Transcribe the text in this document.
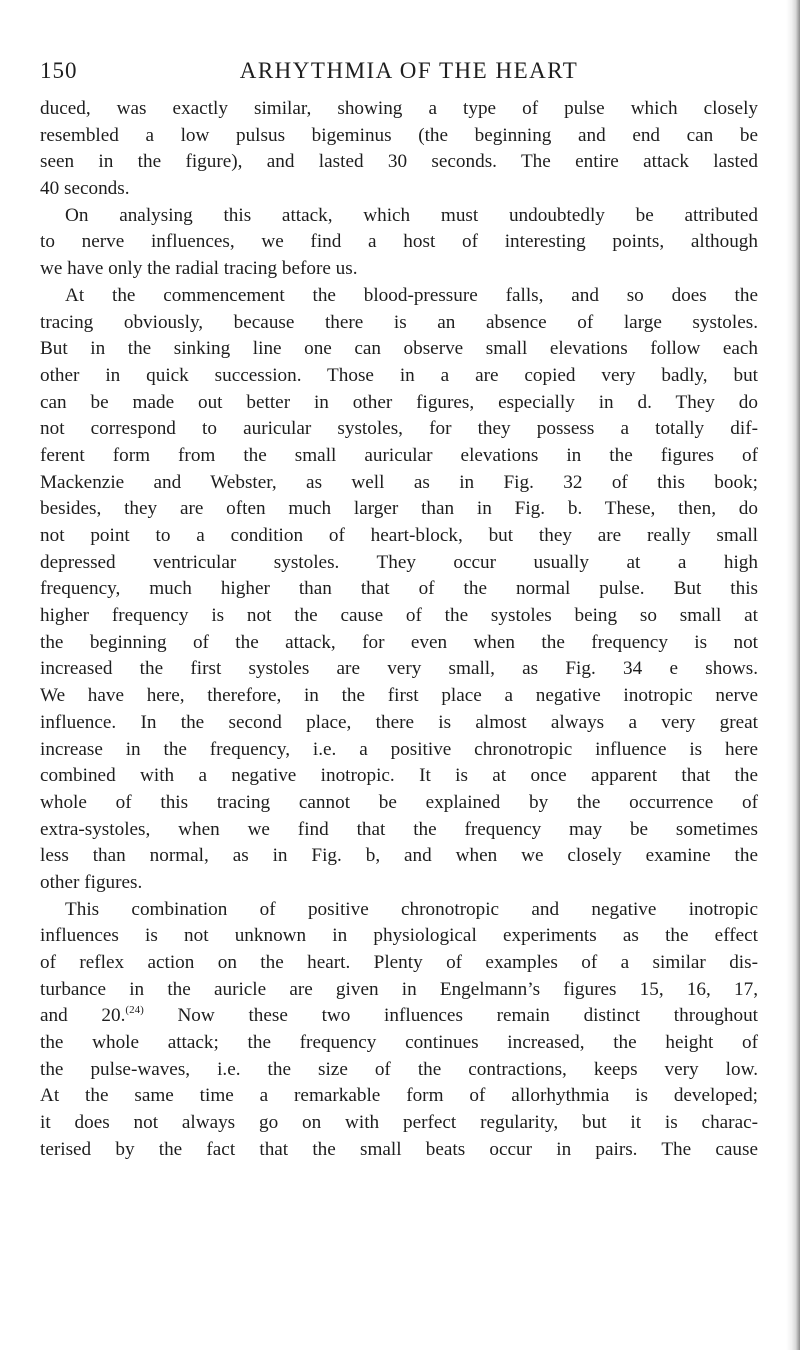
150	ARHYTHMIA OF THE HEART
duced, was exactly similar, showing a type of pulse which closely
resembled a low pulsus bigeminus (the beginning and end can be
seen in the figure), and lasted 30 seconds. The entire attack lasted
40 seconds.
On analysing this attack, which must undoubtedly be attributed
to nerve influences, we find a host of interesting points, although
we have only the radial tracing before us.
At the commencement the blood-pressure falls, and so does the
tracing obviously, because there is an absence of large systoles.
But in the sinking line one can observe small elevations follow each
other in quick succession. Those in a are copied very badly, but
can be made out better in other figures, especially in d. They do
not correspond to auricular systoles, for they possess a totally dif-
ferent form from the small auricular elevations in the figures of
Mackenzie and Webster, as well as in Fig. 32 of this book;
besides, they are often much larger than in Fig. b. These, then, do
not point to a condition of heart-block, but they are really small
depressed ventricular systoles. They occur usually at a high
frequency, much higher than that of the normal pulse. But this
higher frequency is not the cause of the systoles being so small at
the beginning of the attack, for even when the frequency is not
increased the first systoles are very small, as Fig. 34 e shows.
We have here, therefore, in the first place a negative inotropic nerve
influence. In the second place, there is almost always a very great
increase in the frequency, i.e. a positive chronotropic influence is here
combined with a negative inotropic. It is at once apparent that the
whole of this tracing cannot be explained by the occurrence of
extra-systoles, when we find that the frequency may be sometimes
less than normal, as in Fig. b, and when we closely examine the
other figures.
This combination of positive chronotropic and negative inotropic
influences is not unknown in physiological experiments as the effect
of reflex action on the heart. Plenty of examples of a similar dis-
turbance in the auricle are given in Engelmann’s figures 15, 16, 17,
and 20.$^{(24)}$ Now these two influences remain distinct throughout
the whole attack; the frequency continues increased, the height of
the pulse-waves, i.e. the size of the contractions, keeps very low.
At the same time a remarkable form of allorhythmia is developed;
it does not always go on with perfect regularity, but it is charac-
terised by the fact that the small beats occur in pairs. The cause
